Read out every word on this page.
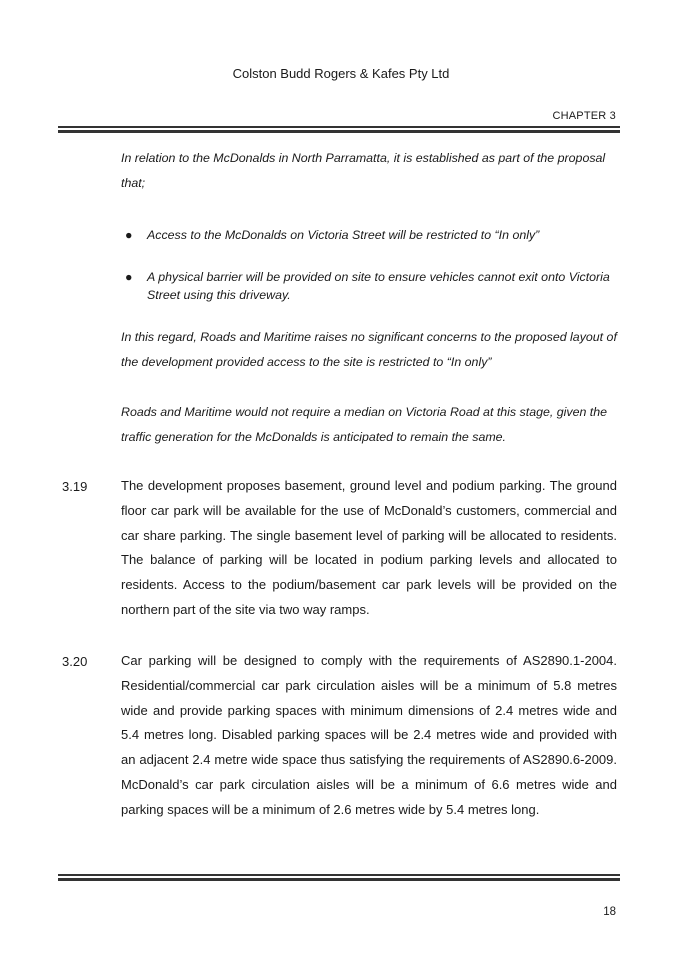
Colston Budd Rogers & Kafes Pty Ltd
CHAPTER 3
In relation to the McDonalds in North Parramatta, it is established as part of the proposal that;
● Access to the McDonalds on Victoria Street will be restricted to “In only”
● A physical barrier will be provided on site to ensure vehicles cannot exit onto Victoria Street using this driveway.
In this regard, Roads and Maritime raises no significant concerns to the proposed layout of the development provided access to the site is restricted to “In only”
Roads and Maritime would not require a median on Victoria Road at this stage, given the traffic generation for the McDonalds is anticipated to remain the same.
3.19	The development proposes basement, ground level and podium parking. The ground floor car park will be available for the use of McDonald’s customers, commercial and car share parking. The single basement level of parking will be allocated to residents. The balance of parking will be located in podium parking levels and allocated to residents. Access to the podium/basement car park levels will be provided on the northern part of the site via two way ramps.
3.20	Car parking will be designed to comply with the requirements of AS2890.1-2004. Residential/commercial car park circulation aisles will be a minimum of 5.8 metres wide and provide parking spaces with minimum dimensions of 2.4 metres wide and 5.4 metres long. Disabled parking spaces will be 2.4 metres wide and provided with an adjacent 2.4 metre wide space thus satisfying the requirements of AS2890.6-2009. McDonald’s car park circulation aisles will be a minimum of 6.6 metres wide and parking spaces will be a minimum of 2.6 metres wide by 5.4 metres long.
18
